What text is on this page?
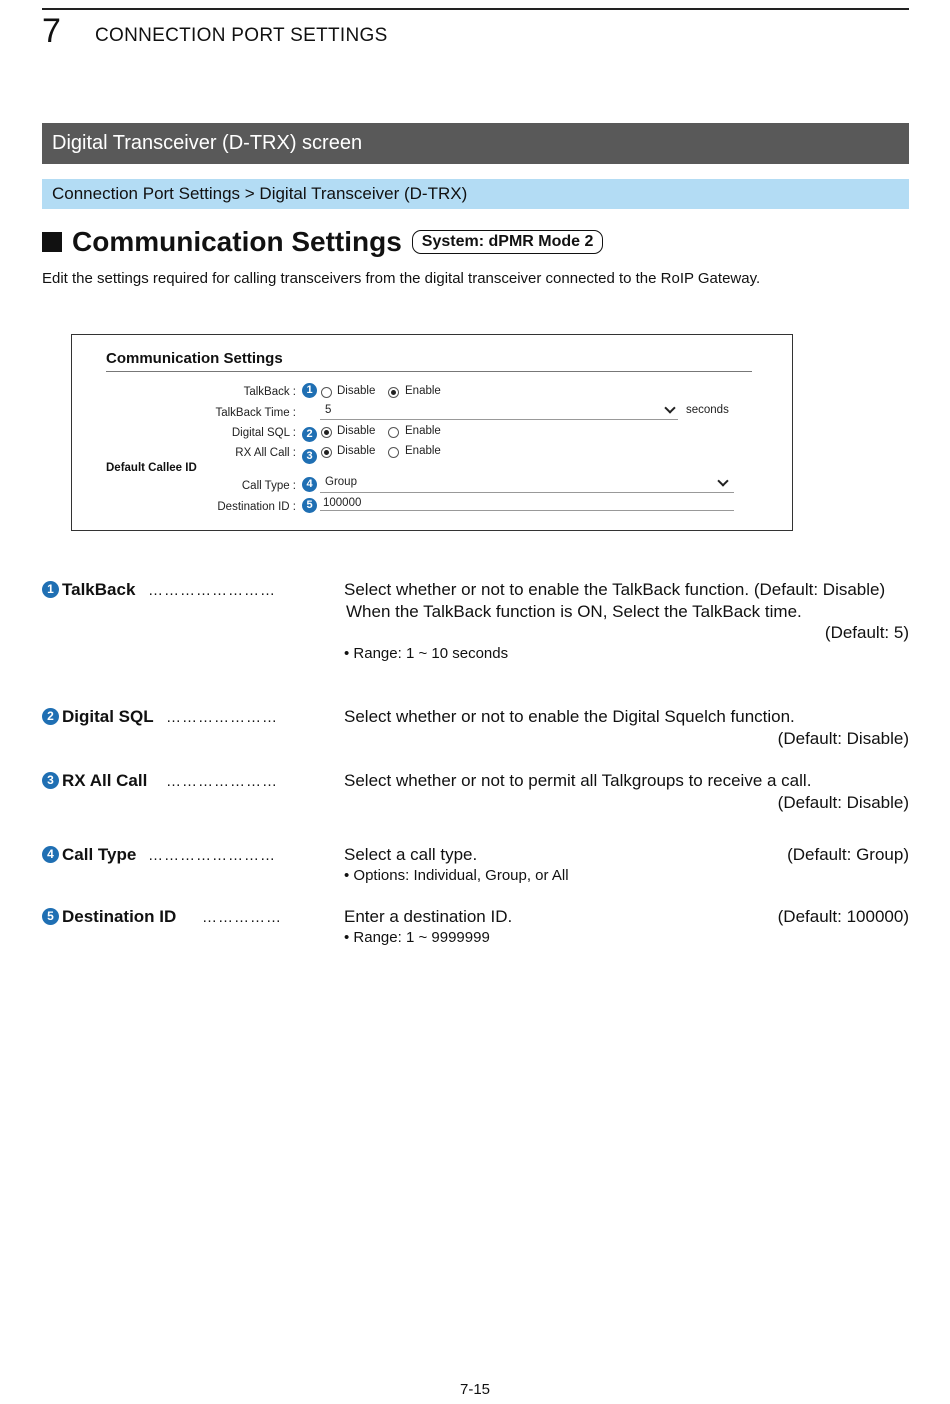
7 CONNECTION PORT SETTINGS
Digital Transceiver (D-TRX) screen
Connection Port Settings > Digital Transceiver (D-TRX)
Communication Settings	System: dPMR Mode 2
Edit the settings required for calling transceivers from the digital transceiver connected to the RoIP Gateway.
Communication Settings
TalkBack : 1	Disable	Enable
TalkBack Time :	5	seconds
Digital SQL : 2	Disable	Enable
RX All Call : 3	Disable	Enable
Default Callee ID
Call Type : 4	Group
Destination ID : 5 100000
1 TalkBack ……………………	Select whether or not to enable the TalkBack function. (Default: Disable)
When the TalkBack function is ON, Select the TalkBack time.
(Default: 5)
• Range: 1 ~ 10 seconds
2 Digital SQL …………………	Select whether or not to enable the Digital Squelch function.
(Default: Disable)
3 RX All Call …………………	Select whether or not to permit all Talkgroups to receive a call.
(Default: Disable)
4 Call Type ……………………	Select a call type.	(Default: Group)
• Options: Individual, Group, or All
5 Destination ID ……………	Enter a destination ID.	(Default: 100000)
• Range: 1 ~ 9999999
7-15
